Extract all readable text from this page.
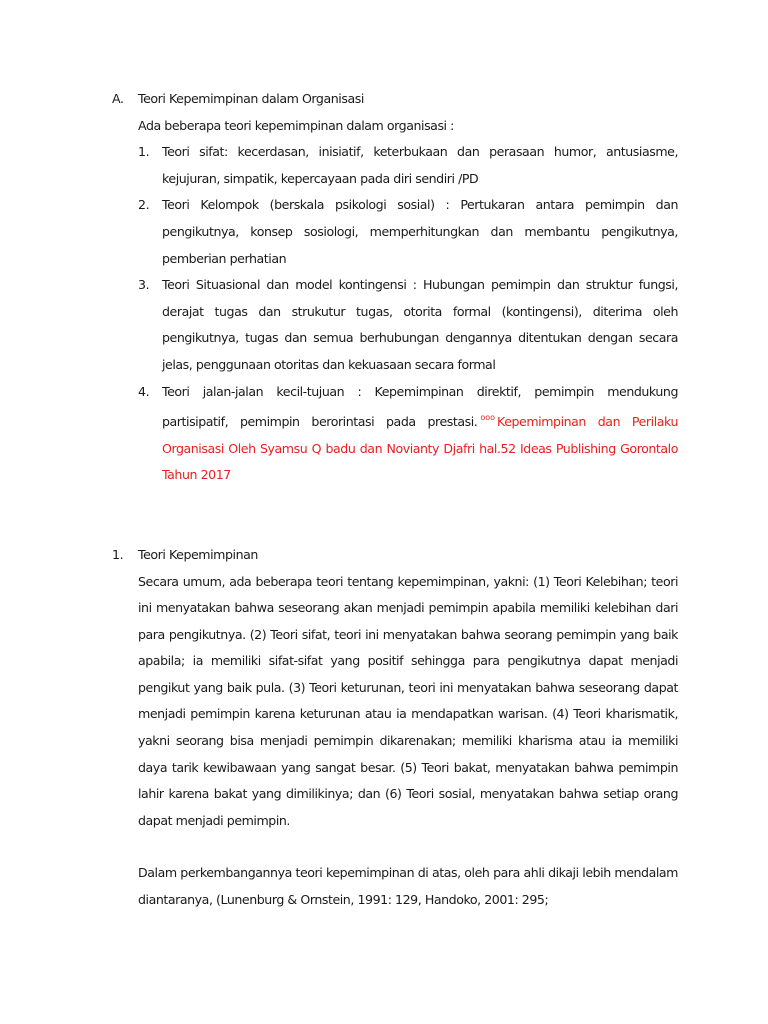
A.	Teori Kepemimpinan dalam Organisasi
Ada beberapa teori kepemimpinan dalam organisasi :
1.	Teori sifat: kecerdasan, inisiatif, keterbukaan dan perasaan humor, antusiasme, kejujuran, simpatik, kepercayaan pada diri sendiri /PD
2.	Teori Kelompok (berskala psikologi sosial) : Pertukaran antara pemimpin dan pengikutnya, konsep sosiologi, memperhitungkan dan membantu pengikutnya, pemberian perhatian
3.	Teori Situasional dan model kontingensi : Hubungan pemimpin dan struktur fungsi, derajat tugas dan strukutur tugas, otorita formal (kontingensi), diterima oleh pengikutnya, tugas dan semua berhubungan dengannya ditentukan dengan secara jelas, penggunaan otoritas dan kekuasaan secara formal
4.	Teori jalan-jalan kecil-tujuan : Kepemimpinan direktif, pemimpin mendukung partisipatif, pemimpin berorintasi pada prestasi. $^{ooo}$ Kepemimpinan dan Perilaku Organisasi Oleh Syamsu Q badu dan Novianty Djafri hal.52 Ideas Publishing Gorontalo Tahun 2017
1.	Teori Kepemimpinan
Secara umum, ada beberapa teori tentang kepemimpinan, yakni: (1) Teori Kelebihan; teori ini menyatakan bahwa seseorang akan menjadi pemimpin apabila memiliki kelebihan dari para pengikutnya. (2) Teori sifat, teori ini menyatakan bahwa seorang pemimpin yang baik apabila; ia memiliki sifat-sifat yang positif sehingga para pengikutnya dapat menjadi pengikut yang baik pula. (3) Teori keturunan, teori ini menyatakan bahwa seseorang dapat menjadi pemimpin karena keturunan atau ia mendapatkan warisan. (4) Teori kharismatik, yakni seorang bisa menjadi pemimpin dikarenakan; memiliki kharisma atau ia memiliki daya tarik kewibawaan yang sangat besar. (5) Teori bakat, menyatakan bahwa pemimpin lahir karena bakat yang dimilikinya; dan (6) Teori sosial, menyatakan bahwa setiap orang dapat menjadi pemimpin.
Dalam perkembangannya teori kepemimpinan di atas, oleh para ahli dikaji lebih mendalam diantaranya, (Lunenburg & Ornstein, 1991: 129, Handoko, 2001: 295;
